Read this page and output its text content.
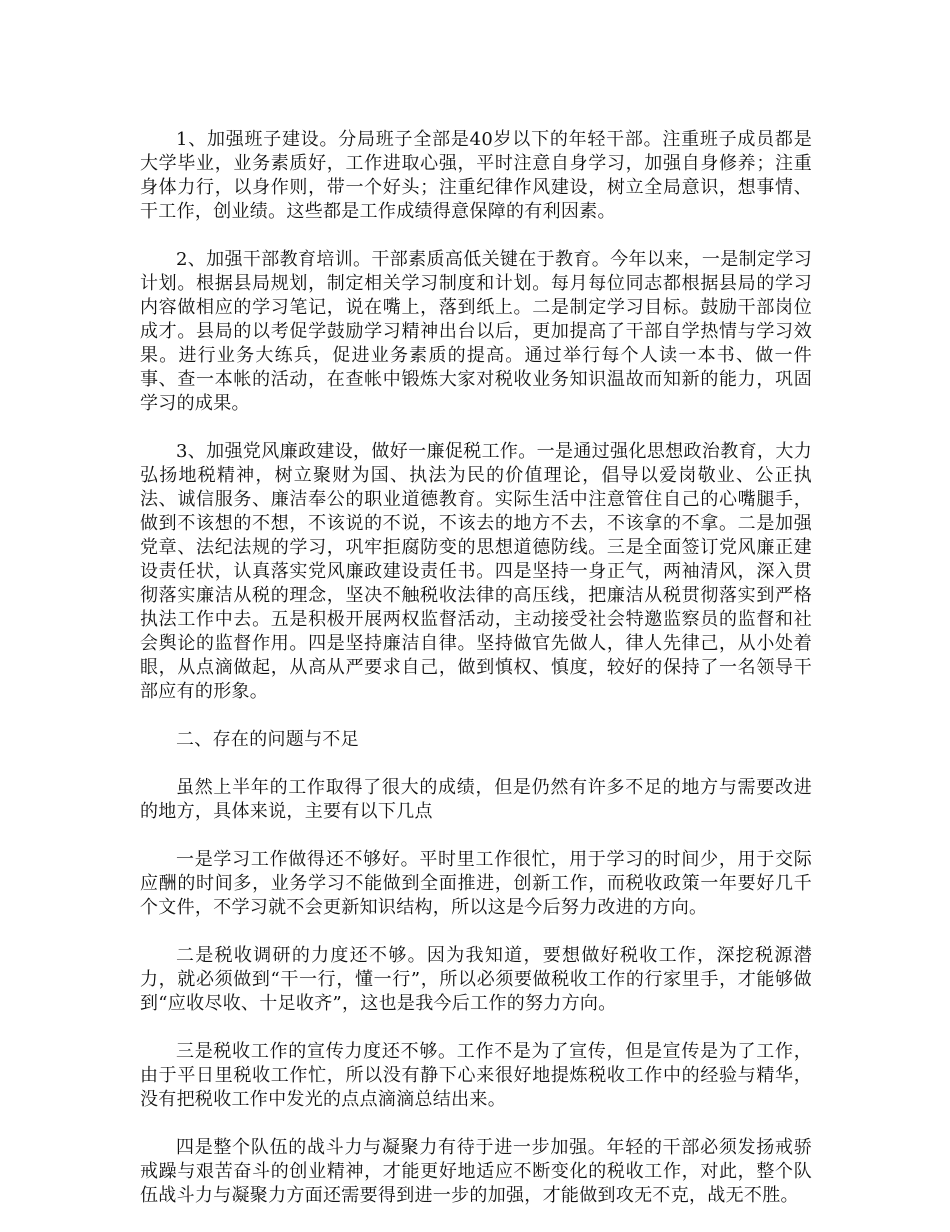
1、加强班子建设。分局班子全部是40岁以下的年轻干部。注重班子成员都是大学毕业，业务素质好，工作进取心强，平时注意自身学习，加强自身修养；注重身体力行，以身作则，带一个好头；注重纪律作风建设，树立全局意识，想事情、干工作，创业绩。这些都是工作成绩得意保障的有利因素。

2、加强干部教育培训。干部素质高低关键在于教育。今年以来，一是制定学习计划。根据县局规划，制定相关学习制度和计划。每月每位同志都根据县局的学习内容做相应的学习笔记，说在嘴上，落到纸上。二是制定学习目标。鼓励干部岗位成才。县局的以考促学鼓励学习精神出台以后，更加提高了干部自学热情与学习效果。进行业务大练兵，促进业务素质的提高。通过举行每个人读一本书、做一件事、查一本帐的活动，在查帐中锻炼大家对税收业务知识温故而知新的能力，巩固学习的成果。

3、加强党风廉政建设，做好一廉促税工作。一是通过强化思想政治教育，大力弘扬地税精神，树立聚财为国、执法为民的价值理论，倡导以爱岗敬业、公正执法、诚信服务、廉洁奉公的职业道德教育。实际生活中注意管住自己的心嘴腿手，做到不该想的不想，不该说的不说，不该去的地方不去，不该拿的不拿。二是加强党章、法纪法规的学习，巩牢拒腐防变的思想道德防线。三是全面签订党风廉正建设责任状，认真落实党风廉政建设责任书。四是坚持一身正气，两袖清风，深入贯彻落实廉洁从税的理念，坚决不触税收法律的高压线，把廉洁从税贯彻落实到严格执法工作中去。五是积极开展两权监督活动，主动接受社会特邀监察员的监督和社会舆论的监督作用。四是坚持廉洁自律。坚持做官先做人，律人先律己，从小处着眼，从点滴做起，从高从严要求自己，做到慎权、慎度，较好的保持了一名领导干部应有的形象。

二、存在的问题与不足

虽然上半年的工作取得了很大的成绩，但是仍然有许多不足的地方与需要改进的地方，具体来说，主要有以下几点

一是学习工作做得还不够好。平时里工作很忙，用于学习的时间少，用于交际应酬的时间多，业务学习不能做到全面推进，创新工作，而税收政策一年要好几千个文件，不学习就不会更新知识结构，所以这是今后努力改进的方向。

二是税收调研的力度还不够。因为我知道，要想做好税收工作，深挖税源潜力，就必须做到“干一行，懂一行”，所以必须要做税收工作的行家里手，才能够做到“应收尽收、十足收齐”，这也是我今后工作的努力方向。

三是税收工作的宣传力度还不够。工作不是为了宣传，但是宣传是为了工作，由于平日里税收工作忙，所以没有静下心来很好地提炼税收工作中的经验与精华，没有把税收工作中发光的点点滴滴总结出来。

四是整个队伍的战斗力与凝聚力有待于进一步加强。年轻的干部必须发扬戒骄戒躁与艰苦奋斗的创业精神，才能更好地适应不断变化的税收工作，对此，整个队伍战斗力与凝聚力方面还需要得到进一步的加强，才能做到攻无不克，战无不胜。
